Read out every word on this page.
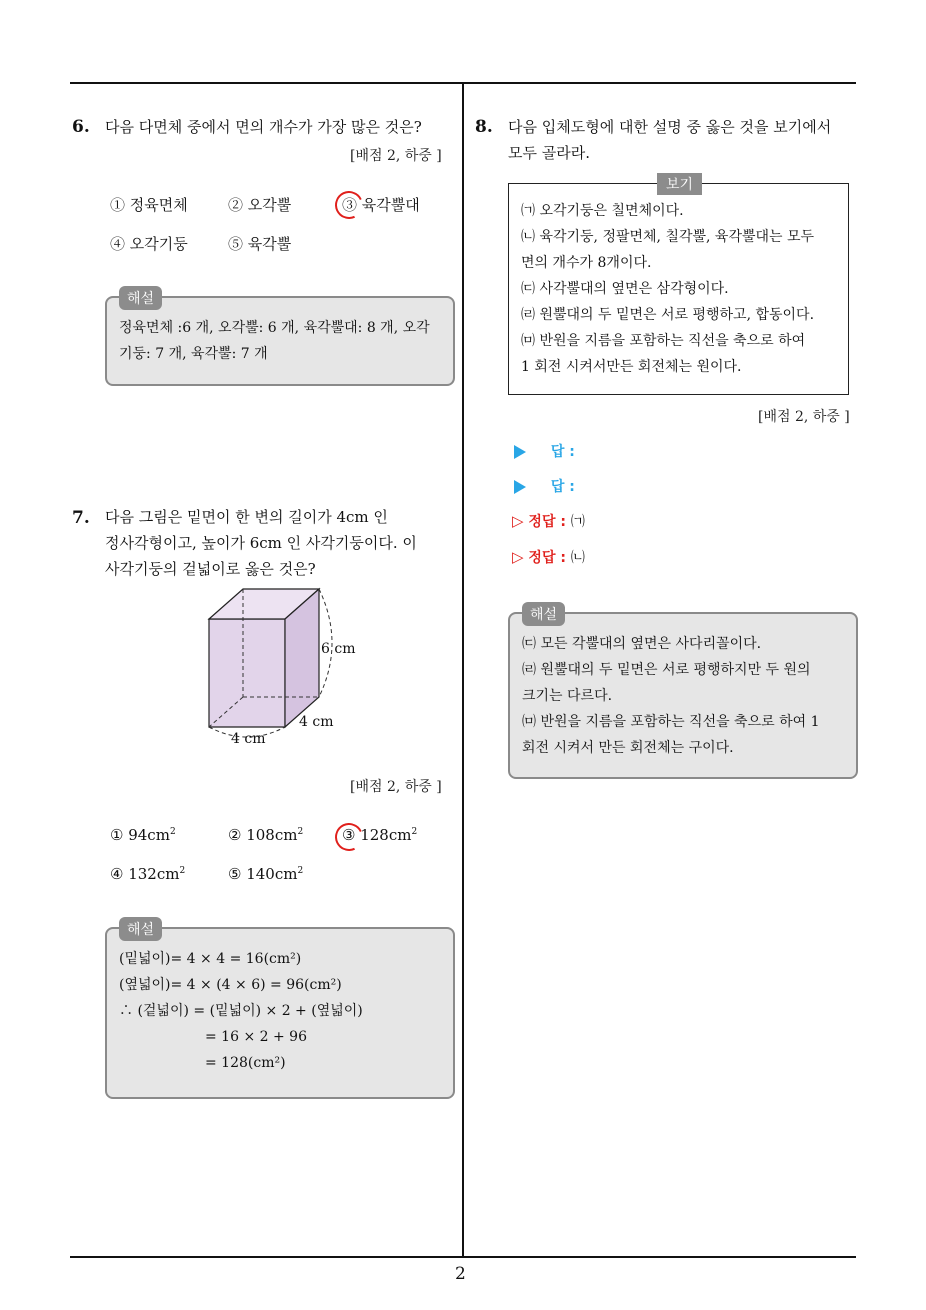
2
6. 다음 다면체 중에서 면의 개수가 가장 많은 것은?
[배점 2, 하중 ]
① 정육면체	② 오각뿔	③ 육각뿔대
④ 오각기둥	⑤ 육각뿔
해설
정육면체 :6 개, 오각뿔: 6 개, 육각뿔대: 8 개, 오각
기둥: 7 개, 육각뿔: 7 개
7. 다음 그림은 밑면이 한 변의 길이가 4cm 인
정사각형이고, 높이가 6cm 인 사각기둥이다. 이
사각기둥의 겉넓이로 옳은 것은?
6 cm
4 cm
4 cm
[배점 2, 하중 ]
① $94cm^2$	② $108cm^2$	③ $128cm^2$
④ $132cm^2$	⑤ $140cm^2$
해설
(밑넓이)= 4 × 4 = 16(cm²)
(옆넓이)= 4 × (4 × 6) = 96(cm²)
∴ (겉넓이) = (밑넓이) × 2 + (옆넓이)
= 16 × 2 + 96
= 128(cm²)
8. 다음 입체도형에 대한 설명 중 옳은 것을 보기에서
모두 골라라.
보기
㈀ 오각기둥은 칠면체이다.
㈁ 육각기둥, 정팔면체, 칠각뿔, 육각뿔대는 모두
면의 개수가 8개이다.
㈂ 사각뿔대의 옆면은 삼각형이다.
㈃ 원뿔대의 두 밑면은 서로 평행하고, 합동이다.
㈄ 반원을 지름을 포함하는 직선을 축으로 하여
1 회전 시켜서만든 회전체는 원이다.
[배점 2, 하중 ]
답 :
답 :
▷ 정답 : ㈀
▷ 정답 : ㈁
해설
㈂ 모든 각뿔대의 옆면은 사다리꼴이다.
㈃ 원뿔대의 두 밑면은 서로 평행하지만 두 원의
크기는 다르다.
㈄ 반원을 지름을 포함하는 직선을 축으로 하여 1
회전 시켜서 만든 회전체는 구이다.
